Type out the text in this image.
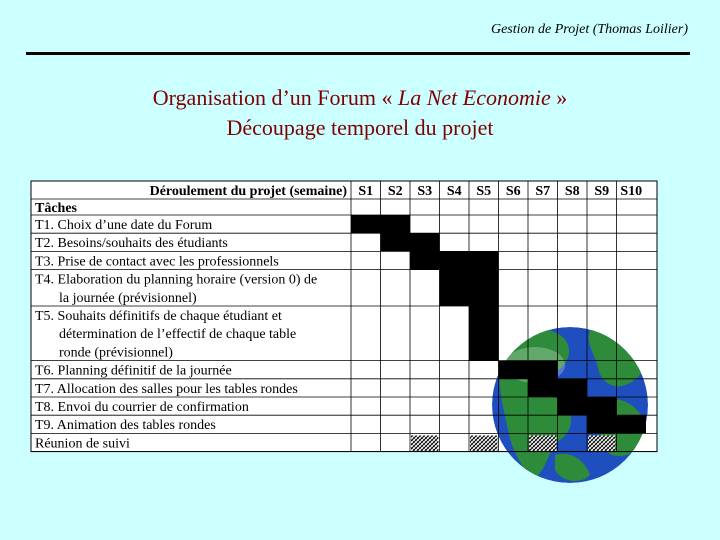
Gestion de Projet (Thomas Loilier)
Organisation d’un Forum « La Net Economie »
Découpage temporel du projet
Déroulement du projet (semaine) S1 S2 S3 S4 S5 S6 S7 S8 S9 S10
Tâches
T1. Choix d’une date du Forum
T2. Besoins/souhaits des étudiants
T3. Prise de contact avec les professionnels
T4. Elaboration du planning horaire (version 0) de
la journée (prévisionnel)
T5. Souhaits définitifs de chaque étudiant et
détermination de l’effectif de chaque table
ronde (prévisionnel)
T6. Planning définitif de la journée
T7. Allocation des salles pour les tables rondes
T8. Envoi du courrier de confirmation
T9. Animation des tables rondes
Réunion de suivi
